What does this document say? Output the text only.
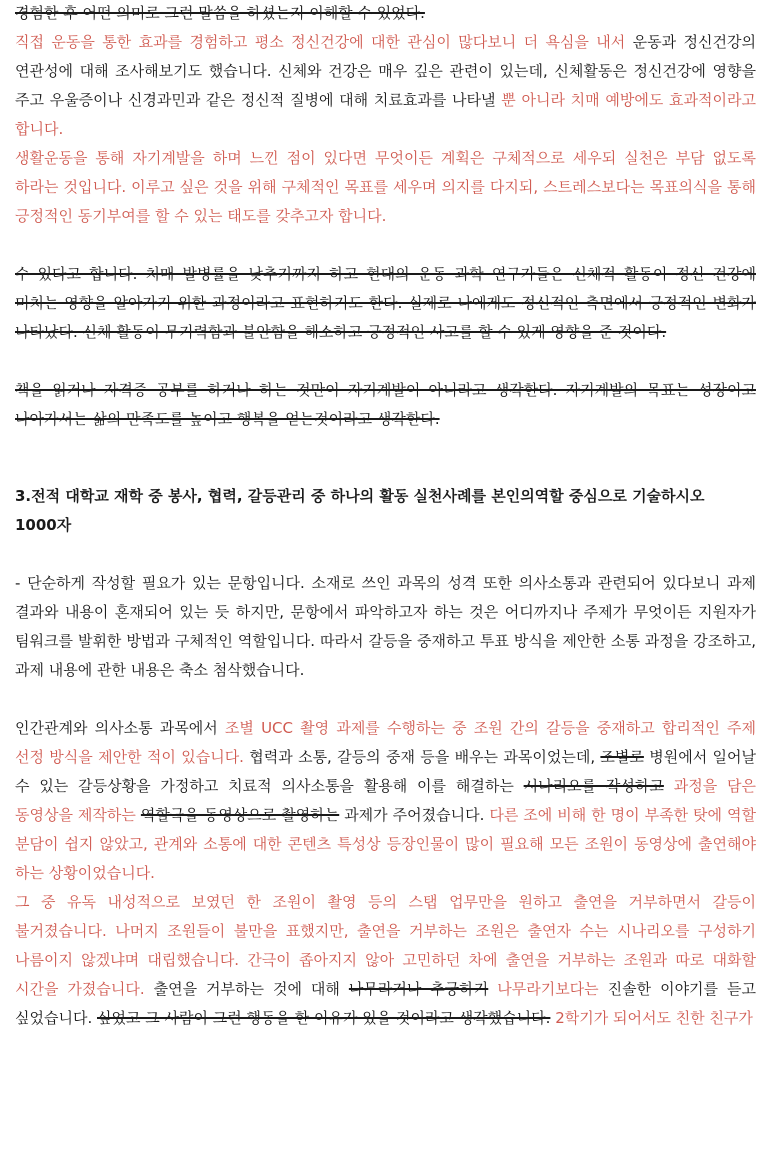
경험한 후 어떤 의미로 그런 말씀을 하셨는지 이해할 수 있었다.

직접 운동을 통한 효과를 경험하고 평소 정신건강에 대한 관심이 많다보니 더 욕심을 내서 운동과 정신건강의 연관성에 대해 조사해보기도 했습니다. 신체와 건강은 매우 깊은 관련이 있는데, 신체활동은 정신건강에 영향을 주고 우울증이나 신경과민과 같은 정신적 질병에 대해 치료효과를 나타낼 뿐 아니라 치매 예방에도 효과적이라고 합니다.

생활운동을 통해 자기계발을 하며 느낀 점이 있다면 무엇이든 계획은 구체적으로 세우되 실천은 부담 없도록 하라는 것입니다. 이루고 싶은 것을 위해 구체적인 목표를 세우며 의지를 다지되, 스트레스보다는 목표의식을 통해 긍정적인 동기부여를 할 수 있는 태도를 갖추고자 합니다.

수 있다고 합니다. 치매 발병률을 낮추기까지 하고 현대의 운동 과학 연구가들은 신체적 활동이 정신 건강에 미치는 영향을 알아가기 위한 과정이라고 표현하기도 한다. 실제로 나에게도 정신적인 측면에서 긍정적인 변화가 나타났다. 신체 활동이 무기력함과 불안함을 해소하고 긍정적인 사고를 할 수 있게 영향을 준 것이다.

책을 읽거나 자격증 공부를 하거나 하는 것만이 자기계발이 아니라고 생각한다. 자기계발의 목표는 성장이고 나아가서는 삶의 만족도를 높이고 행복을 얻는것이라고 생각한다.

3.전적 대학교 재학 중 봉사, 협력, 갈등관리 중 하나의 활동 실천사례를 본인의역할 중심으로 기술하시오 1000자

- 단순하게 작성할 필요가 있는 문항입니다. 소재로 쓰인 과목의 성격 또한 의사소통과 관련되어 있다보니 과제 결과와 내용이 혼재되어 있는 듯 하지만, 문항에서 파악하고자 하는 것은 어디까지나 주제가 무엇이든 지원자가 팀워크를 발휘한 방법과 구체적인 역할입니다. 따라서 갈등을 중재하고 투표 방식을 제안한 소통 과정을 강조하고, 과제 내용에 관한 내용은 축소 첨삭했습니다.

인간관계와 의사소통 과목에서 조별 UCC 촬영 과제를 수행하는 중 조원 간의 갈등을 중재하고 합리적인 주제 선정 방식을 제안한 적이 있습니다. 협력과 소통, 갈등의 중재 등을 배우는 과목이었는데, 조별로 병원에서 일어날 수 있는 갈등상황을 가정하고 치료적 의사소통을 활용해 이를 해결하는 시나리오를 작성하고 과정을 담은 동영상을 제작하는 역할극을 동영상으로 촬영하는 과제가 주어졌습니다. 다른 조에 비해 한 명이 부족한 탓에 역할 분담이 쉽지 않았고, 관계와 소통에 대한 콘텐츠 특성상 등장인물이 많이 필요해 모든 조원이 동영상에 출연해야 하는 상황이었습니다.

그 중 유독 내성적으로 보였던 한 조원이 촬영 등의 스탭 업무만을 원하고 출연을 거부하면서 갈등이 불거졌습니다. 나머지 조원들이 불만을 표했지만, 출연을 거부하는 조원은 출연자 수는 시나리오를 구성하기 나름이지 않겠냐며 대립했습니다. 간극이 좁아지지 않아 고민하던 차에 출연을 거부하는 조원과 따로 대화할 시간을 가졌습니다. 출연을 거부하는 것에 대해 나무라거나 추궁하기 나무라기보다는 진솔한 이야기를 듣고 싶었습니다. 싶었고 그 사람이 그런 행동을 한 이유가 있을 것이라고 생각했습니다. 2학기가 되어서도 친한 친구가
